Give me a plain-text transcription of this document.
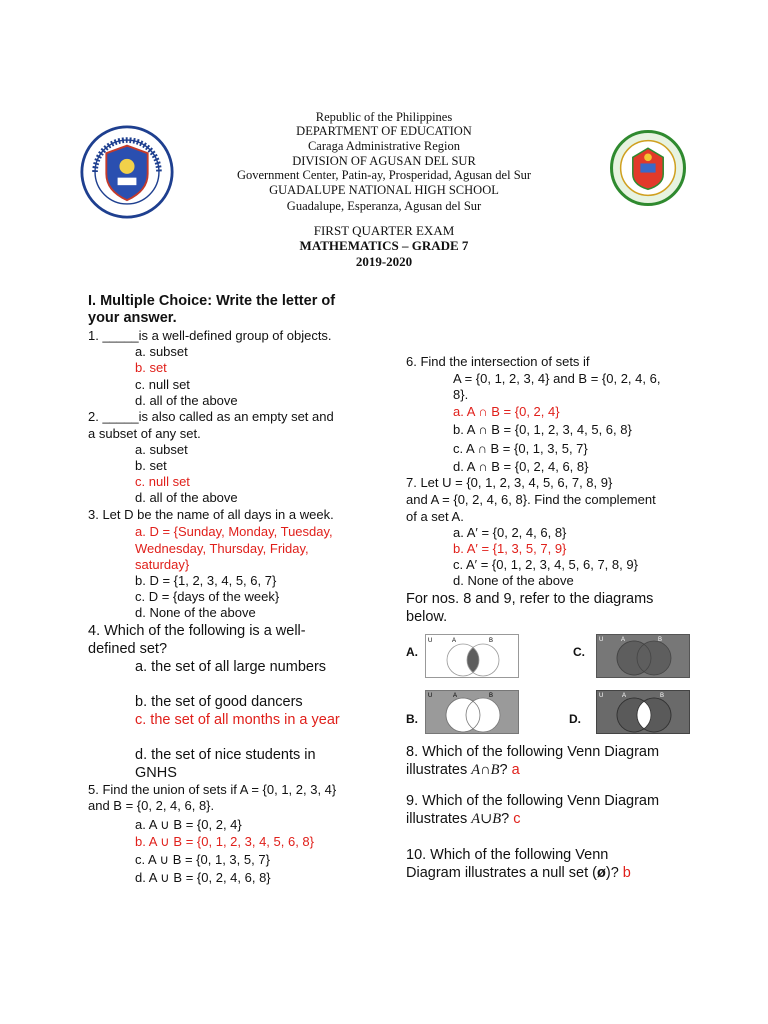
Republic of the Philippines
DEPARTMENT OF EDUCATION
Caraga Administrative Region
DIVISION OF AGUSAN DEL SUR
Government Center, Patin-ay, Prosperidad, Agusan del Sur
GUADALUPE NATIONAL HIGH SCHOOL
Guadalupe, Esperanza, Agusan del Sur
FIRST QUARTER EXAM
MATHEMATICS – GRADE 7
2019-2020
I. Multiple Choice: Write the letter of
your answer.
1. _____is a well-defined group of objects.
a. subset
b. set
c. null set
d. all of the above
2. _____is also called as an empty set and
a subset of any set.
a. subset
b. set
c. null set
d. all of the above
3. Let D be the name of all days in a week.
a. D = {Sunday, Monday, Tuesday,
Wednesday, Thursday, Friday,
saturday}
b. D = {1, 2, 3, 4, 5, 6, 7}
c. D = {days of the week}
d. None of the above
4. Which of the following is a well-
defined set?
a. the set of all large numbers
b. the set of good dancers
c. the set of all months in a year
d. the set of nice students in
GNHS
5. Find the union of sets if A = {0, 1, 2, 3, 4}
and B = {0, 2, 4, 6, 8}.
a. A ∪ B = {0, 2, 4}
b. A ∪ B = {0, 1, 2, 3, 4, 5, 6, 8}
c. A ∪ B = {0, 1, 3, 5, 7}
d. A ∪ B = {0, 2, 4, 6, 8}
6. Find the intersection of sets if
A = {0, 1, 2, 3, 4} and B = {0, 2, 4, 6,
8}.
a. A ∩ B = {0, 2, 4}
b. A ∩ B = {0, 1, 2, 3, 4, 5, 6, 8}
c. A ∩ B = {0, 1, 3, 5, 7}
d. A ∩ B = {0, 2, 4, 6, 8}
7. Let U = {0, 1, 2, 3, 4, 5, 6, 7, 8, 9}
and A = {0, 2, 4, 6, 8}. Find the complement
of a set A.
a. A′ = {0, 2, 4, 6, 8}
b. A′ = {1, 3, 5, 7, 9}
c. A′ = {0, 1, 2, 3, 4, 5, 6, 7, 8, 9}
d. None of the above
For nos. 8 and 9, refer to the diagrams
below.
A.	C.
B.	D.
U	A	B	U	A	B
U	A	B	U	A	B
8. Which of the following Venn Diagram
illustrates A∩B? a
9. Which of the following Venn Diagram
illustrates A∪B? c
10. Which of the following Venn
Diagram illustrates a null set (ø)? b
